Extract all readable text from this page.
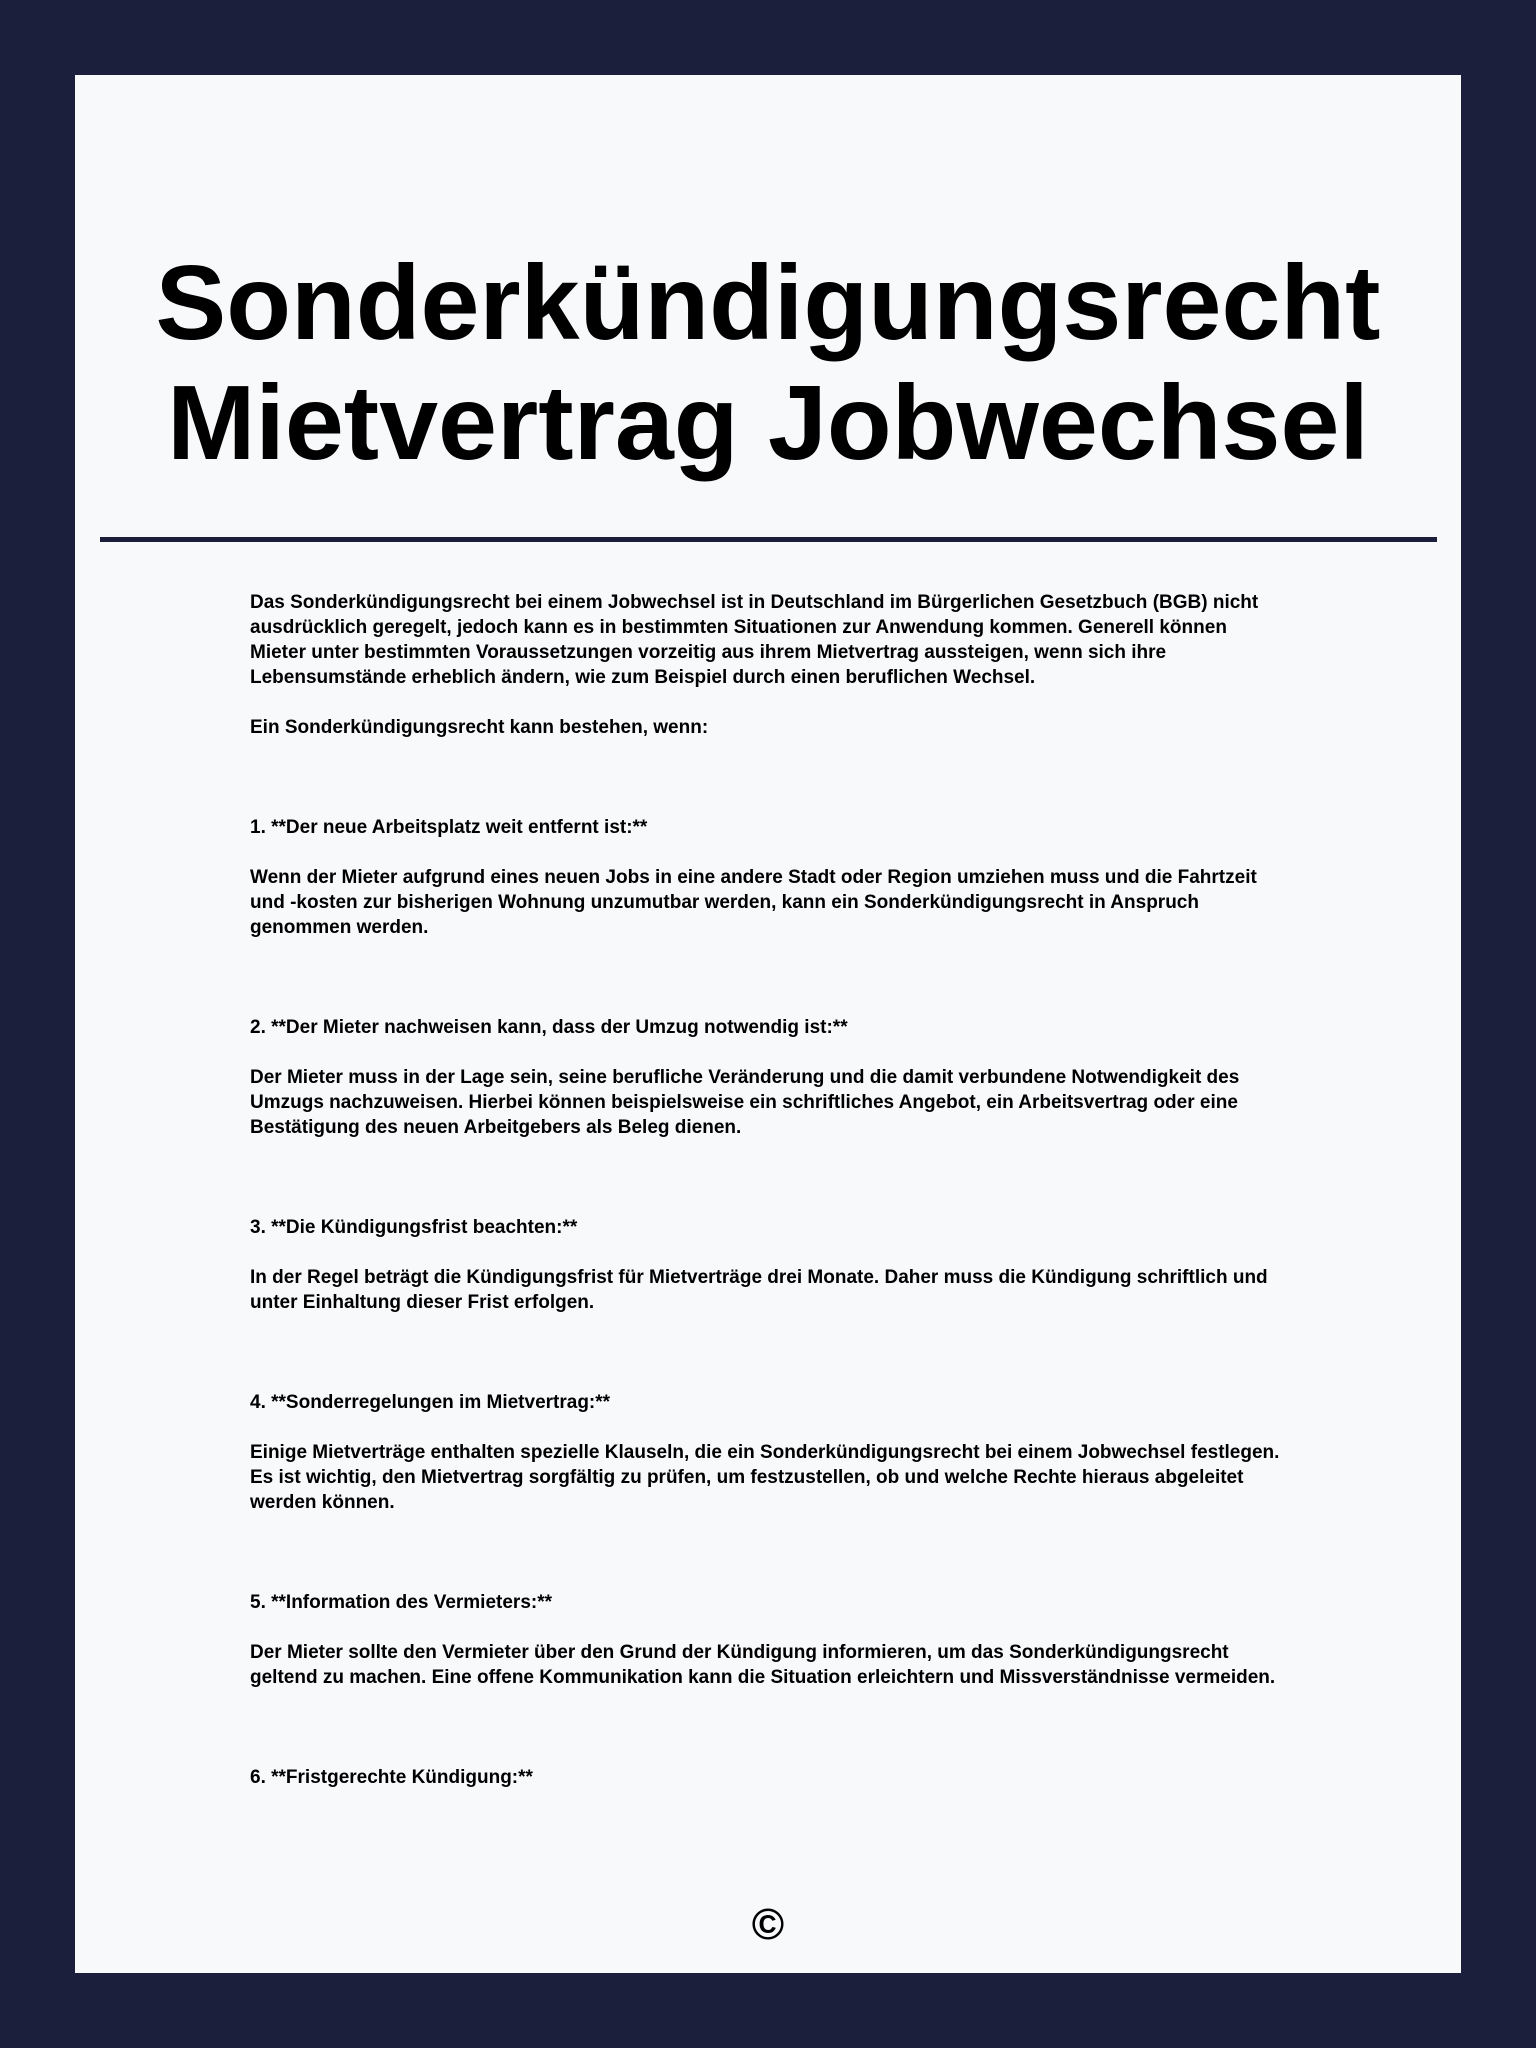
Sonderkündigungsrecht
Mietvertrag Jobwechsel

Das Sonderkündigungsrecht bei einem Jobwechsel ist in Deutschland im Bürgerlichen Gesetzbuch (BGB) nicht ausdrücklich geregelt, jedoch kann es in bestimmten Situationen zur Anwendung kommen. Generell können Mieter unter bestimmten Voraussetzungen vorzeitig aus ihrem Mietvertrag aussteigen, wenn sich ihre Lebensumstände erheblich ändern, wie zum Beispiel durch einen beruflichen Wechsel.

Ein Sonderkündigungsrecht kann bestehen, wenn:

1. **Der neue Arbeitsplatz weit entfernt ist:**

Wenn der Mieter aufgrund eines neuen Jobs in eine andere Stadt oder Region umziehen muss und die Fahrtzeit und -kosten zur bisherigen Wohnung unzumutbar werden, kann ein Sonderkündigungsrecht in Anspruch genommen werden.

2. **Der Mieter nachweisen kann, dass der Umzug notwendig ist:**

Der Mieter muss in der Lage sein, seine berufliche Veränderung und die damit verbundene Notwendigkeit des Umzugs nachzuweisen. Hierbei können beispielsweise ein schriftliches Angebot, ein Arbeitsvertrag oder eine Bestätigung des neuen Arbeitgebers als Beleg dienen.

3. **Die Kündigungsfrist beachten:**

In der Regel beträgt die Kündigungsfrist für Mietverträge drei Monate. Daher muss die Kündigung schriftlich und unter Einhaltung dieser Frist erfolgen.

4. **Sonderregelungen im Mietvertrag:**

Einige Mietverträge enthalten spezielle Klauseln, die ein Sonderkündigungsrecht bei einem Jobwechsel festlegen. Es ist wichtig, den Mietvertrag sorgfältig zu prüfen, um festzustellen, ob und welche Rechte hieraus abgeleitet werden können.

5. **Information des Vermieters:**

Der Mieter sollte den Vermieter über den Grund der Kündigung informieren, um das Sonderkündigungsrecht geltend zu machen. Eine offene Kommunikation kann die Situation erleichtern und Missverständnisse vermeiden.

6. **Fristgerechte Kündigung:**

©
